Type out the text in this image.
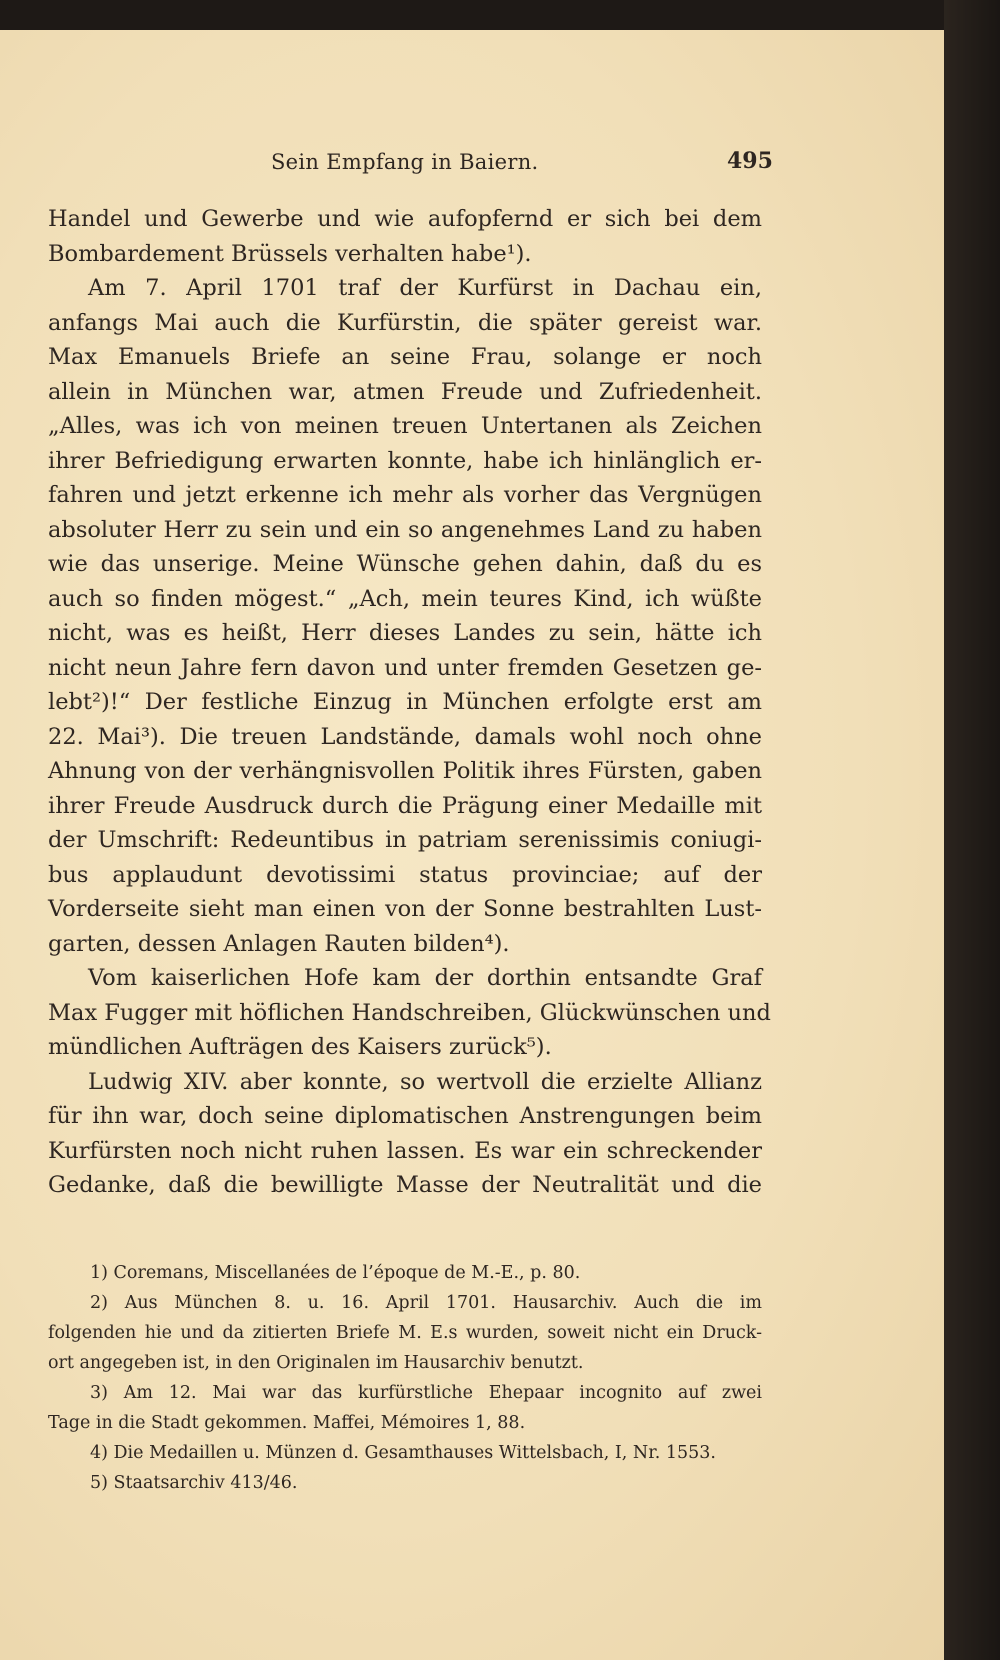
Sein Empfang in Baiern.	495
Handel und Gewerbe und wie aufopfernd er sich bei dem
Bombardement Brüssels verhalten habe¹).
Am 7. April 1701 traf der Kurfürst in Dachau ein,
anfangs Mai auch die Kurfürstin, die später gereist war.
Max Emanuels Briefe an seine Frau, solange er noch
allein in München war, atmen Freude und Zufriedenheit.
„Alles, was ich von meinen treuen Untertanen als Zeichen
ihrer Befriedigung erwarten konnte, habe ich hinlänglich er-
fahren und jetzt erkenne ich mehr als vorher das Vergnügen
absoluter Herr zu sein und ein so angenehmes Land zu haben
wie das unserige. Meine Wünsche gehen dahin, daß du es
auch so finden mögest.“ „Ach, mein teures Kind, ich wüßte
nicht, was es heißt, Herr dieses Landes zu sein, hätte ich
nicht neun Jahre fern davon und unter fremden Gesetzen ge-
lebt²)!“ Der festliche Einzug in München erfolgte erst am
22. Mai³). Die treuen Landstände, damals wohl noch ohne
Ahnung von der verhängnisvollen Politik ihres Fürsten, gaben
ihrer Freude Ausdruck durch die Prägung einer Medaille mit
der Umschrift: Redeuntibus in patriam serenissimis coniugi-
bus applaudunt devotissimi status provinciae; auf der
Vorderseite sieht man einen von der Sonne bestrahlten Lust-
garten, dessen Anlagen Rauten bilden⁴).
Vom kaiserlichen Hofe kam der dorthin entsandte Graf
Max Fugger mit höflichen Handschreiben, Glückwünschen und
mündlichen Aufträgen des Kaisers zurück⁵).
Ludwig XIV. aber konnte, so wertvoll die erzielte Allianz
für ihn war, doch seine diplomatischen Anstrengungen beim
Kurfürsten noch nicht ruhen lassen. Es war ein schreckender
Gedanke, daß die bewilligte Masse der Neutralität und die
1) Coremans, Miscellanées de l’époque de M.-E., p. 80.
2) Aus München 8. u. 16. April 1701. Hausarchiv. Auch die im
folgenden hie und da zitierten Briefe M. E.s wurden, soweit nicht ein Druck-
ort angegeben ist, in den Originalen im Hausarchiv benutzt.
3) Am 12. Mai war das kurfürstliche Ehepaar incognito auf zwei
Tage in die Stadt gekommen. Maffei, Mémoires 1, 88.
4) Die Medaillen u. Münzen d. Gesamthauses Wittelsbach, I, Nr. 1553.
5) Staatsarchiv 413/46.
